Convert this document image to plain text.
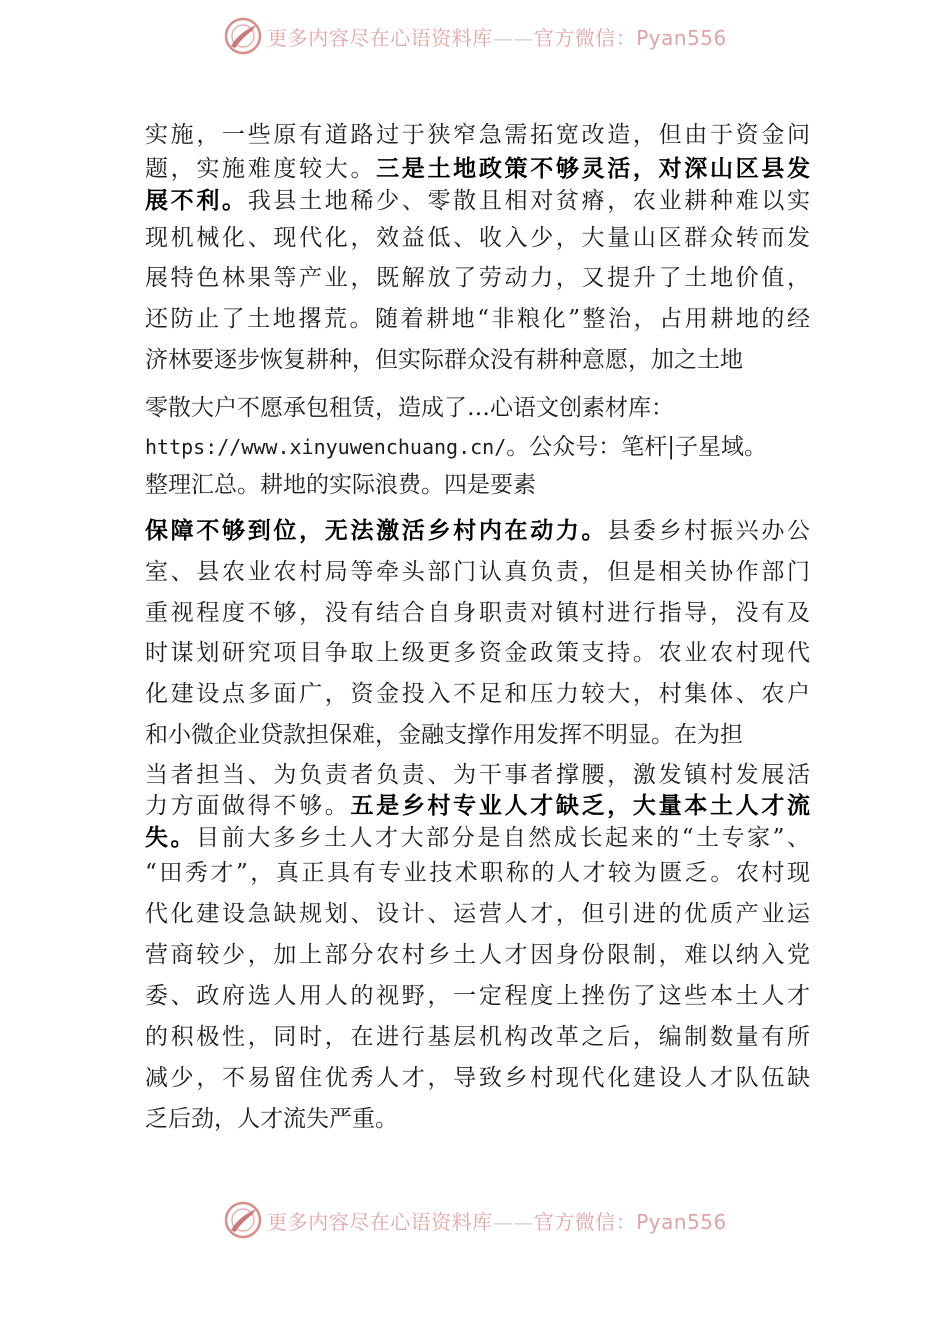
更多内容尽在心语资料库——官方微信：Pyan556
实施，一些原有道路过于狭窄急需拓宽改造，但由于资金问
题，实施难度较大。三是土地政策不够灵活，对深山区县发
展不利。我县土地稀少、零散且相对贫瘠，农业耕种难以实
现机械化、现代化，效益低、收入少，大量山区群众转而发
展特色林果等产业，既解放了劳动力，又提升了土地价值，
还防止了土地撂荒。随着耕地“非粮化”整治，占用耕地的经
济林要逐步恢复耕种，但实际群众没有耕种意愿，加之土地
零散大户不愿承包租赁，造成了…心语文创素材库：
https://www.xinyuwenchuang.cn/。公众号：笔杆|子星域。
整理汇总。耕地的实际浪费。四是要素
保障不够到位，无法激活乡村内在动力。县委乡村振兴办公
室、县农业农村局等牵头部门认真负责，但是相关协作部门
重视程度不够，没有结合自身职责对镇村进行指导，没有及
时谋划研究项目争取上级更多资金政策支持。农业农村现代
化建设点多面广，资金投入不足和压力较大，村集体、农户
和小微企业贷款担保难，金融支撑作用发挥不明显。在为担
当者担当、为负责者负责、为干事者撑腰，激发镇村发展活
力方面做得不够。五是乡村专业人才缺乏，大量本土人才流
失。目前大多乡土人才大部分是自然成长起来的“土专家”、
“田秀才”，真正具有专业技术职称的人才较为匮乏。农村现
代化建设急缺规划、设计、运营人才，但引进的优质产业运
营商较少，加上部分农村乡土人才因身份限制，难以纳入党
委、政府选人用人的视野，一定程度上挫伤了这些本土人才
的积极性，同时，在进行基层机构改革之后，编制数量有所
减少，不易留住优秀人才，导致乡村现代化建设人才队伍缺
乏后劲，人才流失严重。
更多内容尽在心语资料库——官方微信：Pyan556
